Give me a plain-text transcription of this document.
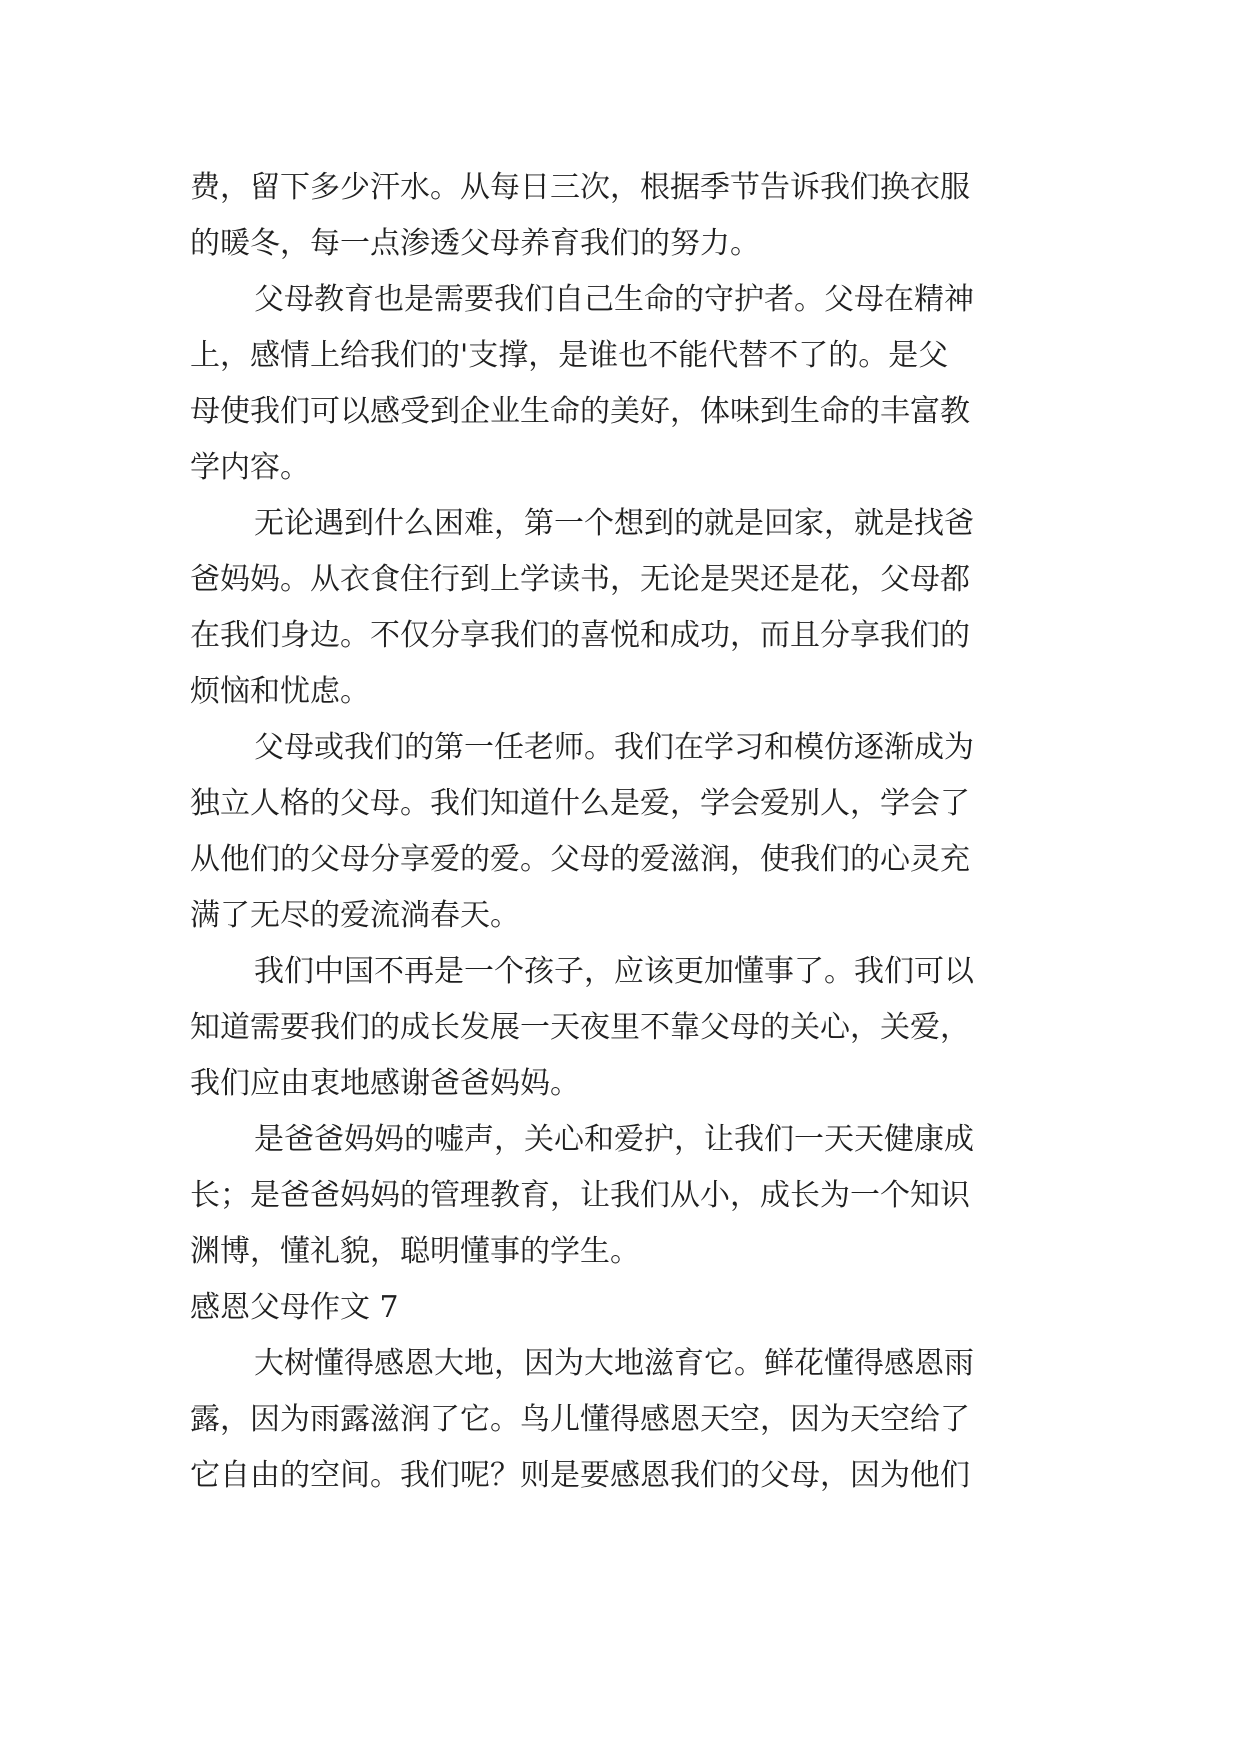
费，留下多少汗水。从每日三次，根据季节告诉我们换衣服
的暖冬，每一点渗透父母养育我们的努力。
父母教育也是需要我们自己生命的守护者。父母在精神
上，感情上给我们的'支撑，是谁也不能代替不了的。是父
母使我们可以感受到企业生命的美好，体味到生命的丰富教
学内容。
无论遇到什么困难，第一个想到的就是回家，就是找爸
爸妈妈。从衣食住行到上学读书，无论是哭还是花，父母都
在我们身边。不仅分享我们的喜悦和成功，而且分享我们的
烦恼和忧虑。
父母或我们的第一任老师。我们在学习和模仿逐渐成为
独立人格的父母。我们知道什么是爱，学会爱别人，学会了
从他们的父母分享爱的爱。父母的爱滋润，使我们的心灵充
满了无尽的爱流淌春天。
我们中国不再是一个孩子，应该更加懂事了。我们可以
知道需要我们的成长发展一天夜里不靠父母的关心，关爱，
我们应由衷地感谢爸爸妈妈。
是爸爸妈妈的嘘声，关心和爱护，让我们一天天健康成
长；是爸爸妈妈的管理教育，让我们从小，成长为一个知识
渊博，懂礼貌，聪明懂事的学生。
感恩父母作文 7
大树懂得感恩大地，因为大地滋育它。鲜花懂得感恩雨
露，因为雨露滋润了它。鸟儿懂得感恩天空，因为天空给了
它自由的空间。我们呢？则是要感恩我们的父母，因为他们
